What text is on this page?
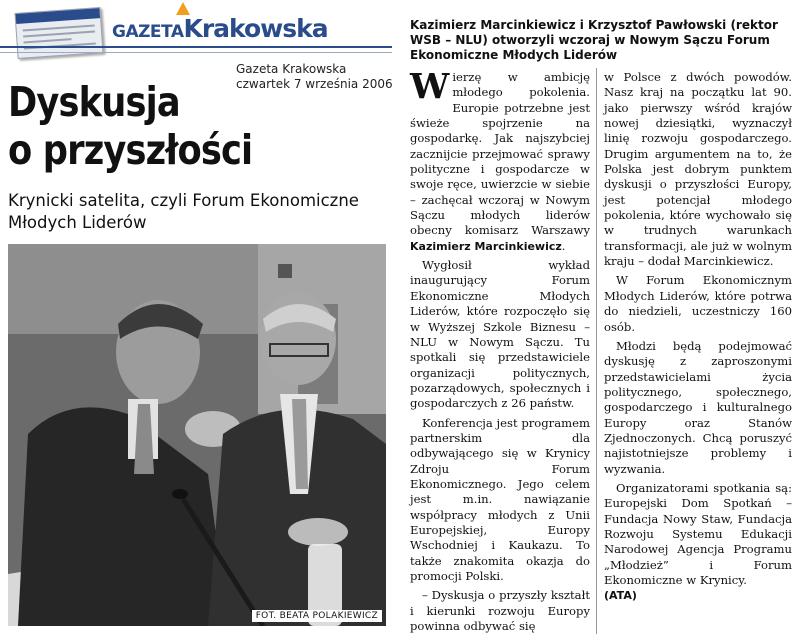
GAZETAKrakowska
Gazeta Krakowska
czwartek 7 września 2006
Dyskusja
o przyszłości
Krynicki satelita, czyli Forum Ekonomiczne
Młodych Liderów
FOT. BEATA POLAKIEWICZ
Kazimierz Marcinkiewicz i Krzysztof Pawłowski (rektor WSB – NLU) otworzyli wczoraj w Nowym Sączu Forum Ekonomiczne Młodych Liderów

Wierzę w ambicję młodego pokolenia. Europie potrzebne jest świeże spojrzenie na gospodarkę. Jak najszybciej zacznijcie przejmować sprawy polityczne i gospodarcze w swoje ręce, uwierzcie w siebie – zachęcał wczoraj w Nowym Sączu młodych liderów obecny komisarz Warszawy Kazimierz Marcinkiewicz.

Wygłosił wykład inaugurujący Forum Ekonomiczne Młodych Liderów, które rozpoczęło się w Wyższej Szkole Biznesu – NLU w Nowym Sączu. Tu spotkali się przedstawiciele organizacji politycznych, pozarządowych, społecznych i gospodarczych z 26 państw.

Konferencja jest programem partnerskim dla odbywającego się w Krynicy Zdroju Forum Ekonomicznego. Jego celem jest m.in. nawiązanie współpracy młodych z Unii Europejskiej, Europy Wschodniej i Kaukazu. To także znakomita okazja do promocji Polski.

– Dyskusja o przyszły kształt i kierunki rozwoju Europy powinna odbywać się

w Polsce z dwóch powodów. Nasz kraj na początku lat 90. jako pierwszy wśród krajów nowej dziesiątki, wyznaczył linię rozwoju gospodarczego. Drugim argumentem na to, że Polska jest dobrym punktem dyskusji o przyszłości Europy, jest potencjał młodego pokolenia, które wychowało się w trudnych warunkach transformacji, ale już w wolnym kraju – dodał Marcinkiewicz.

W Forum Ekonomicznym Młodych Liderów, które potrwa do niedzieli, uczestniczy 160 osób.

Młodzi będą podejmować dyskusję z zaproszonymi przedstawicielami życia politycznego, społecznego, gospodarczego i kulturalnego Europy oraz Stanów Zjednoczonych. Chcą poruszyć najistotniejsze problemy i wyzwania.

Organizatorami spotkania są: Europejski Dom Spotkań – Fundacja Nowy Staw, Fundacja Rozwoju Systemu Edukacji Narodowej Agencja Programu „Młodzież” i Forum Ekonomiczne w Krynicy.
(ATA)
